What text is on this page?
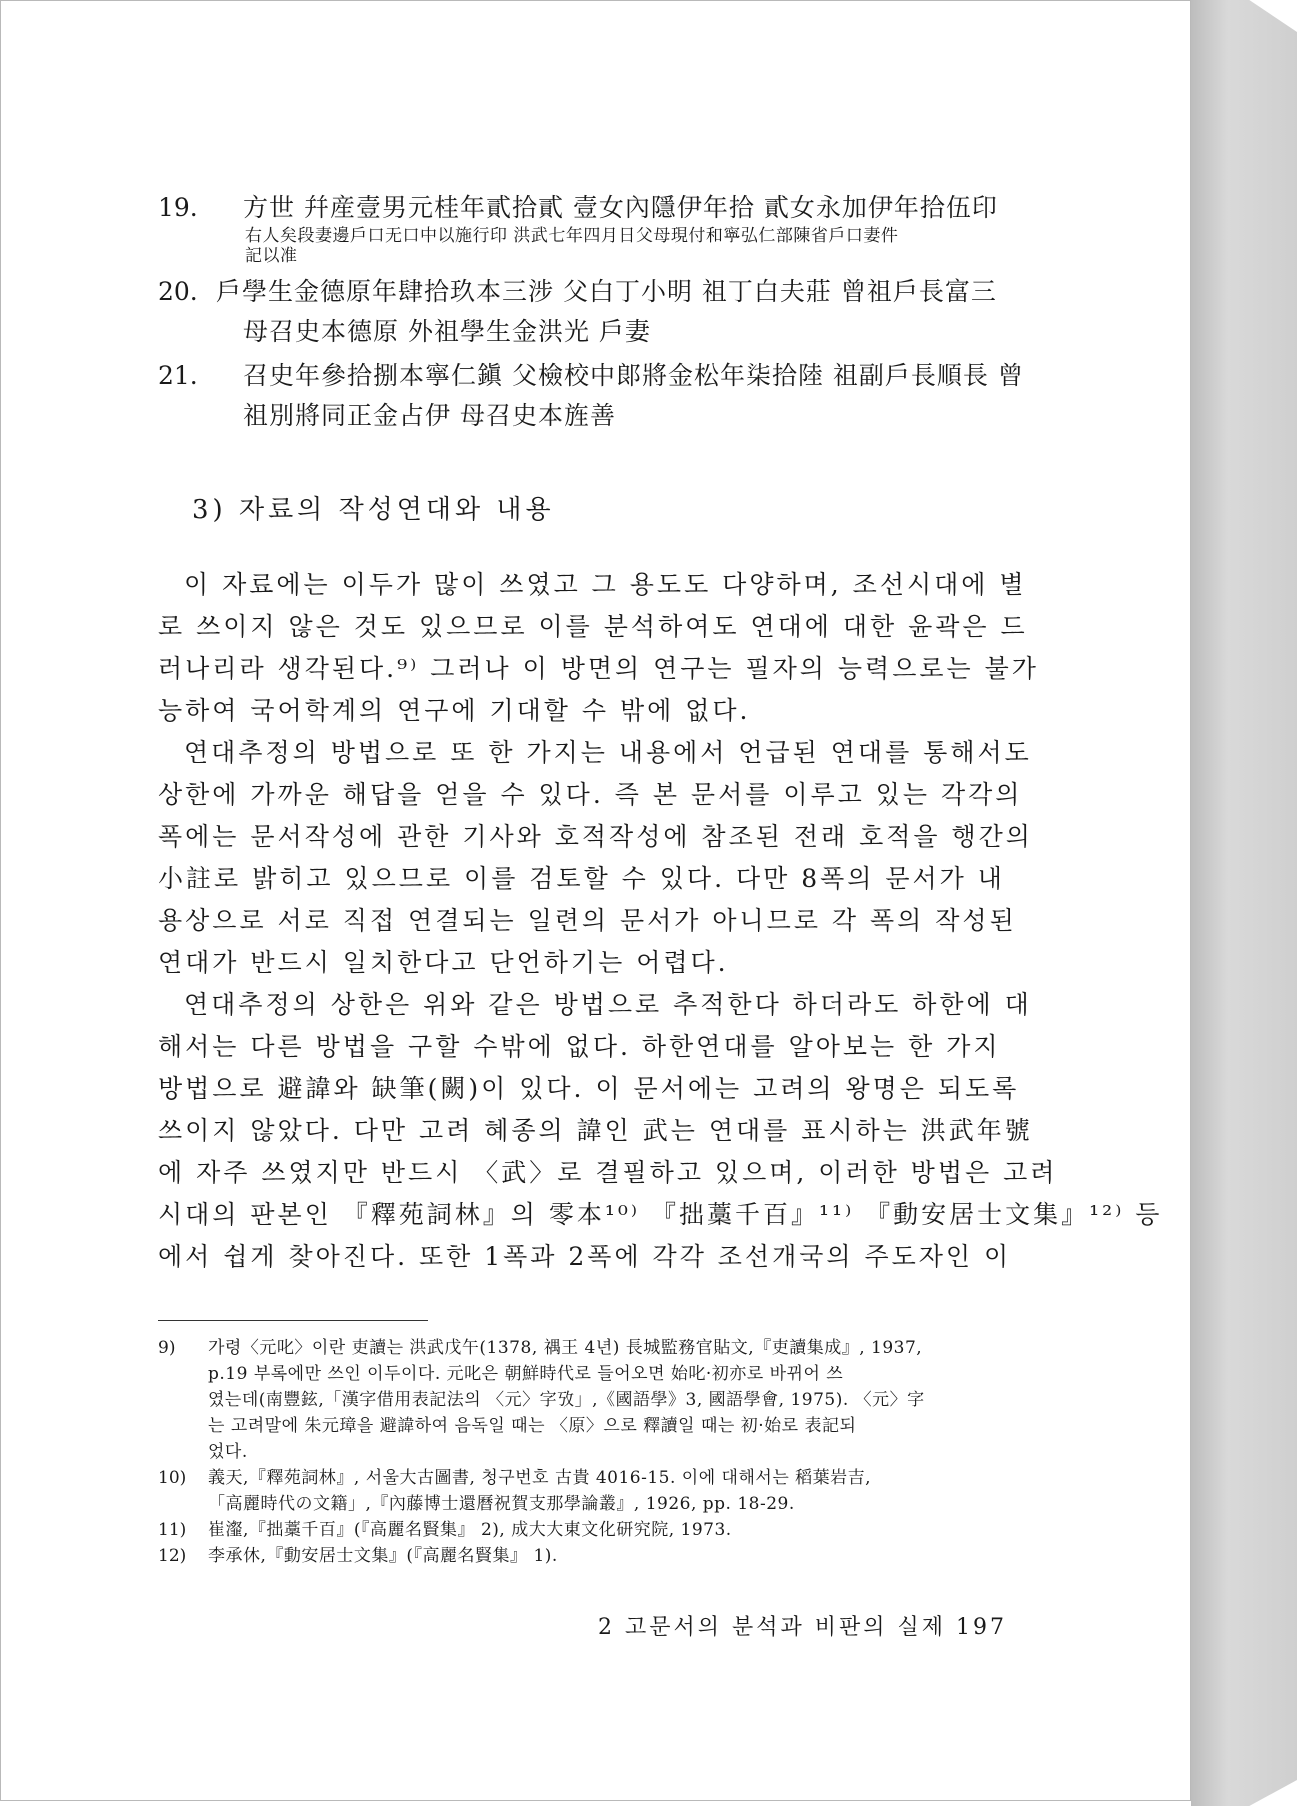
19.	方世 幷産壹男元桂年貳拾貳 壹女內隱伊年拾 貳女永加伊年拾伍印
右人矣段妻邊戶口无口中以施行印 洪武七年四月日父母現付和寧弘仁部陳省戶口妻件
記以准
20. 戶學生金德原年肆拾玖本三涉 父白丁小明 祖丁白夫莊 曾祖戶長富三
母召史本德原 外祖學生金洪光 戶妻
21.	召史年參拾捌本寧仁鎭 父檢校中郞將金松年柒拾陸 祖副戶長順長 曾
祖別將同正金占伊 母召史本旌善
3) 자료의 작성연대와 내용

이 자료에는 이두가 많이 쓰였고 그 용도도 다양하며, 조선시대에 별
로 쓰이지 않은 것도 있으므로 이를 분석하여도 연대에 대한 윤곽은 드
러나리라 생각된다.⁹⁾ 그러나 이 방면의 연구는 필자의 능력으로는 불가
능하여 국어학계의 연구에 기대할 수 밖에 없다.

연대추정의 방법으로 또 한 가지는 내용에서 언급된 연대를 통해서도
상한에 가까운 해답을 얻을 수 있다. 즉 본 문서를 이루고 있는 각각의
폭에는 문서작성에 관한 기사와 호적작성에 참조된 전래 호적을 행간의
小註로 밝히고 있으므로 이를 검토할 수 있다. 다만 8폭의 문서가 내
용상으로 서로 직접 연결되는 일련의 문서가 아니므로 각 폭의 작성된
연대가 반드시 일치한다고 단언하기는 어렵다.

연대추정의 상한은 위와 같은 방법으로 추적한다 하더라도 하한에 대
해서는 다른 방법을 구할 수밖에 없다. 하한연대를 알아보는 한 가지
방법으로 避諱와 缺筆(闕)이 있다. 이 문서에는 고려의 왕명은 되도록
쓰이지 않았다. 다만 고려 혜종의 諱인 武는 연대를 표시하는 洪武年號
에 자주 쓰였지만 반드시 〈武〉로 결필하고 있으며, 이러한 방법은 고려
시대의 판본인 『釋苑詞林』의 零本¹⁰⁾ 『拙藁千百』¹¹⁾ 『動安居士文集』¹²⁾ 등
에서 쉽게 찾아진다. 또한 1폭과 2폭에 각각 조선개국의 주도자인 이

9)	가령〈元叱〉이란 吏讀는 洪武戊午(1378, 禑王 4년) 長城監務官貼文,『吏讀集成』, 1937,
p.19 부록에만 쓰인 이두이다. 元叱은 朝鮮時代로 들어오면 始叱·初亦로 바뀌어 쓰
였는데(南豐鉉,「漢字借用表記法의 〈元〉字攷」,《國語學》3, 國語學會, 1975). 〈元〉字
는 고려말에 朱元璋을 避諱하여 음독일 때는 〈原〉으로 釋讀일 때는 初·始로 表記되
었다.
10)	義天,『釋苑詞林』, 서울大古圖書, 청구번호 古貴 4016-15. 이에 대해서는 稻葉岩吉,
「高麗時代の文籍」,『內藤博士還曆祝賀支那學論叢』, 1926, pp. 18-29.
11)	崔瀣,『拙藁千百』(『高麗名賢集』 2), 成大大東文化研究院, 1973.
12)	李承休,『動安居士文集』(『高麗名賢集』 1).
2 고문서의 분석과 비판의 실제 197
